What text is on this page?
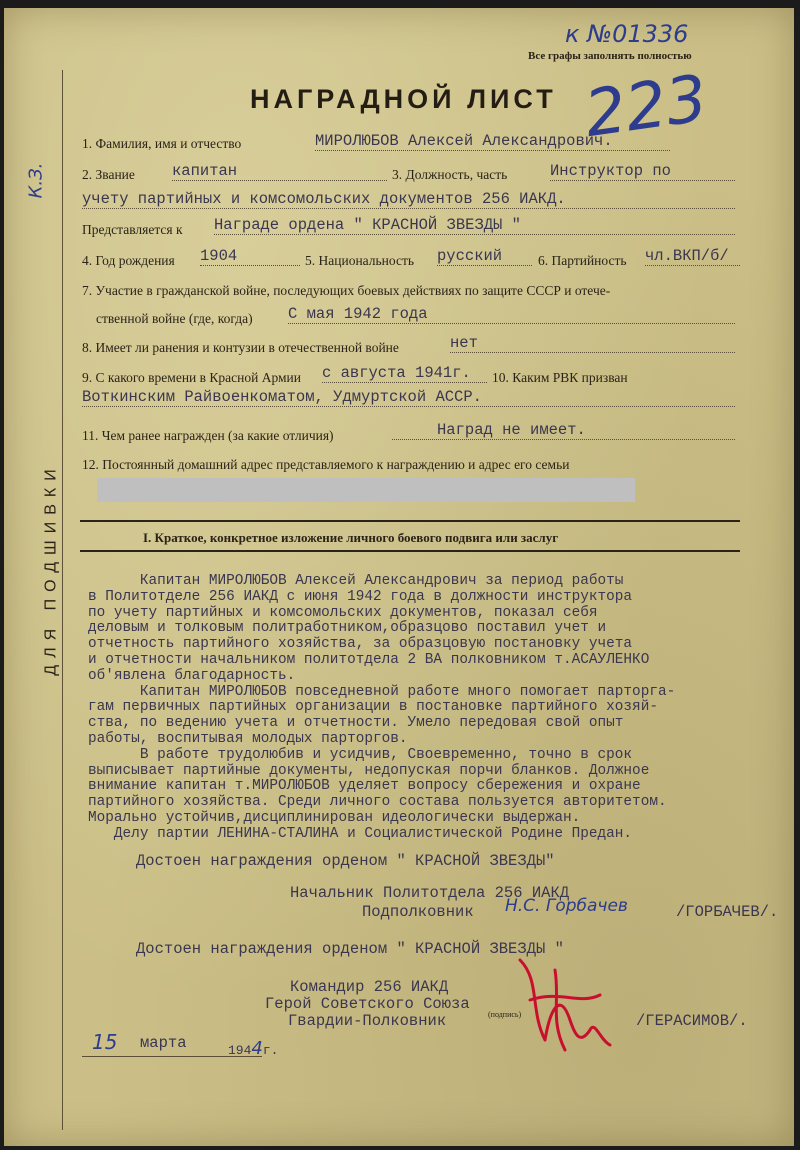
к №01336
Все графы заполнять полностью
НАГРАДНОЙ ЛИСТ 223
ДЛЯ ПОДШИВКИ
К.З.
1. Фамилия, имя и отчество	МИРОЛЮБОВ Алексей Александрович.
2. Звание капитан	3. Должность, часть	Инструктор по
учету партийных и комсомольских документов 256 ИАКД.
Представляется к Награде ордена " КРАСНОЙ ЗВЕЗДЫ "
4. Год рождения 1904	5. Национальность русский	6. Партийность чл.ВКП/б/
7. Участие в гражданской войне, последующих боевых действиях по защите СССР и отече-
ственной войне (где, когда) С мая 1942 года
8. Имеет ли ранения и контузии в отечественной войне	нет
9. С какого времени в Красной Армии с августа 1941г.	10. Каким РВК призван
Воткинским Райвоенкоматом, Удмуртской АССР.
11. Чем ранее награжден (за какие отличия)	Наград не имеет.
12. Постоянный домашний адрес представляемого к награждению и адрес его семьи
I. Краткое, конкретное изложение личного боевого подвига или заслуг
Капитан МИРОЛЮБОВ Алексей Александрович за период работы
в Политотделе 256 ИАКД с июня 1942 года в должности инструктора
по учету партийных и комсомольских документов, показал себя
деловым и толковым политработником,образцово поставил учет и
отчетность партийного хозяйства, за образцовую постановку учета
и отчетности начальником политотдела 2 ВА полковником т.АСАУЛЕНКО
об'явлена благодарность.
Капитан МИРОЛЮБОВ повседневной работе много помогает парторга-
гам первичных партийных организации в постановке партийного хозяй-
ства, по ведению учета и отчетности. Умело передовая свой опыт
работы, воспитывая молодых парторгов.
В работе трудолюбив и усидчив, Своевременно, точно в срок
выписывает партийные документы, недопуская порчи бланков. Должное
внимание капитан т.МИРОЛЮБОВ уделяет вопросу сбережения и охране
партийного хозяйства. Среди личного состава пользуется авторитетом.
Морально устойчив,дисциплинирован идеологически выдержан.
Делу партии ЛЕНИНА-СТАЛИНА и Социалистической Родине Предан.
Достоен награждения орденом " КРАСНОЙ ЗВЕЗДЫ"
Начальник Политотдела 256 ИАКД
Подполковник Н.С. Горбачев	/ГОРБАЧЕВ/.
Достоен награждения орденом " КРАСНОЙ ЗВЕЗДЫ "
Командир 256 ИАКД
Герой Советского Союза
(подпись)
Гвардии-Полковник	/ГЕРАСИМОВ/.
15 марта	1944г.
